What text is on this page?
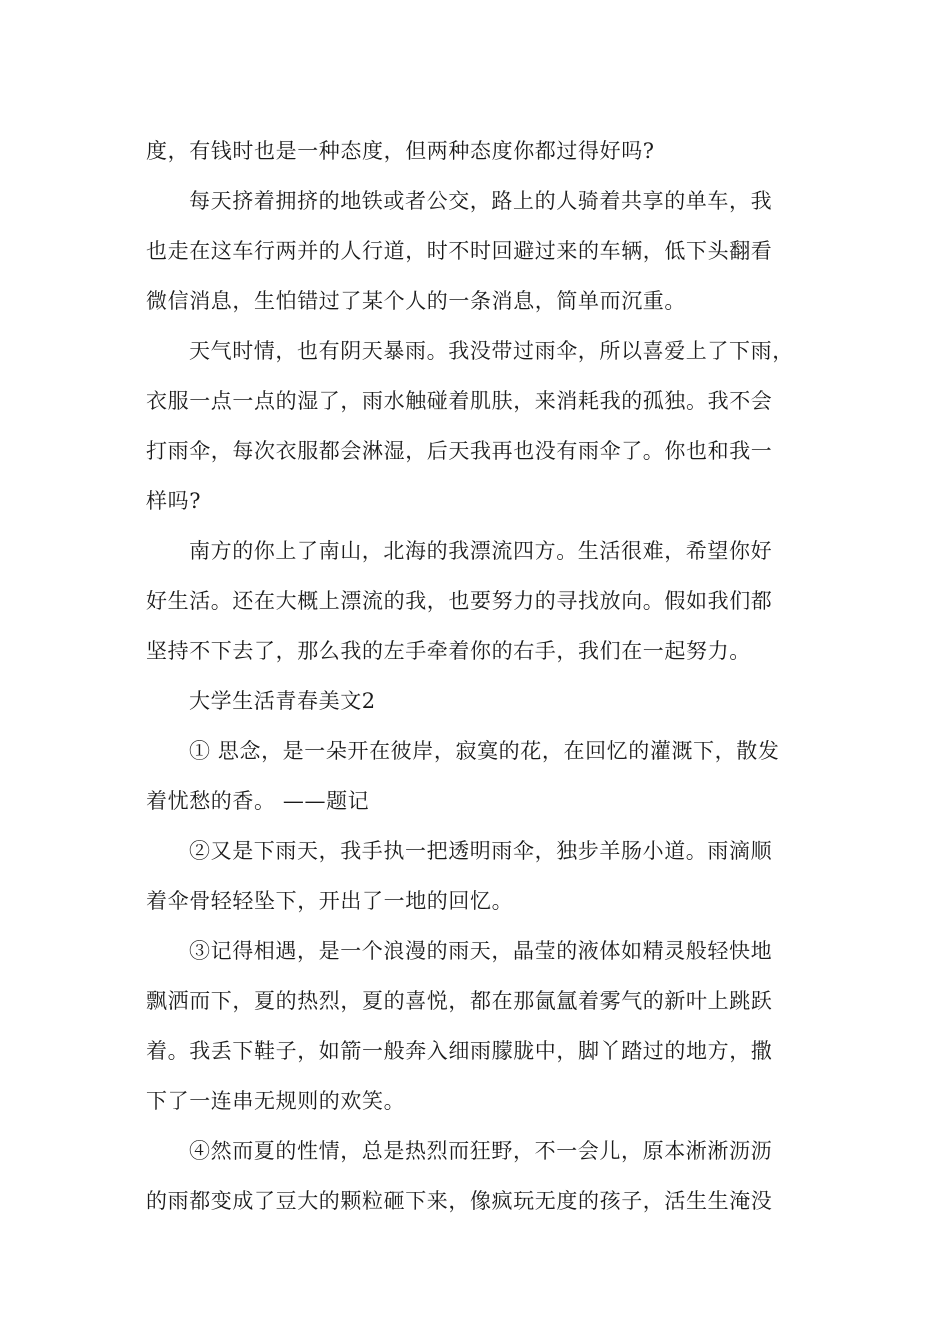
度，有钱时也是一种态度，但两种态度你都过得好吗?
每天挤着拥挤的地铁或者公交，路上的人骑着共享的单车，我
也走在这车行两并的人行道，时不时回避过来的车辆，低下头翻看
微信消息，生怕错过了某个人的一条消息，简单而沉重。
天气时情，也有阴天暴雨。我没带过雨伞，所以喜爱上了下雨，
衣服一点一点的湿了，雨水触碰着肌肤，来消耗我的孤独。我不会
打雨伞，每次衣服都会淋湿，后天我再也没有雨伞了。你也和我一
样吗?
南方的你上了南山，北海的我漂流四方。生活很难，希望你好
好生活。还在大概上漂流的我，也要努力的寻找放向。假如我们都
坚持不下去了，那么我的左手牵着你的右手，我们在一起努力。
大学生活青春美文2
① 思念，是一朵开在彼岸，寂寞的花，在回忆的灌溉下，散发
着忧愁的香。 ——题记
②又是下雨天，我手执一把透明雨伞，独步羊肠小道。雨滴顺
着伞骨轻轻坠下，开出了一地的回忆。
③记得相遇，是一个浪漫的雨天，晶莹的液体如精灵般轻快地
飘洒而下，夏的热烈，夏的喜悦，都在那氤氲着雾气的新叶上跳跃
着。我丢下鞋子，如箭一般奔入细雨朦胧中，脚丫踏过的地方，撒
下了一连串无规则的欢笑。
④然而夏的性情，总是热烈而狂野，不一会儿，原本淅淅沥沥
的雨都变成了豆大的颗粒砸下来，像疯玩无度的孩子，活生生淹没
